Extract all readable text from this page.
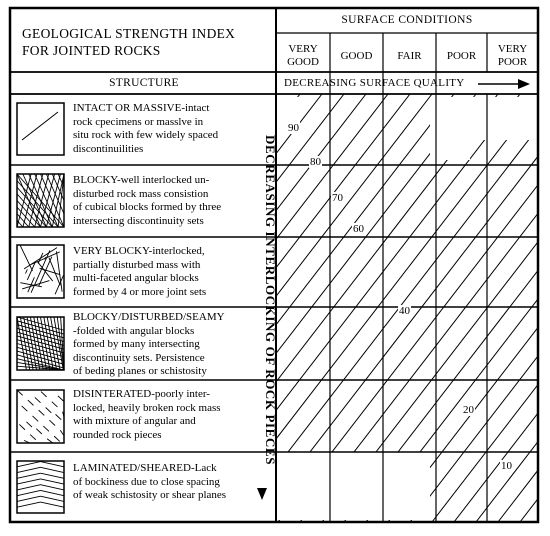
GEOLOGICAL STRENGTH INDEX
FOR JOINTED ROCKS
SURFACE CONDITIONS
VERY
GOOD
GOOD FAIR POOR
VERY
POOR
STRUCTURE	DECREASING SURFACE QUALITY
INTACT OR MASSIVE-intact
rock cpecimens or masslve in
situ rock with few widely spaced
discontinuilities
BLOCKY-well interlocked un-
disturbed rock mass consistion
of cubical blocks formed by three
intersecting discontinuity sets
VERY BLOCKY-interlocked,
partially disturbed mass with
multi-faceted angular blocks
formed by 4 or more joint sets
BLOCKY/DISTURBED/SEAMY
-folded with angular blocks
formed by many intersecting
discontinuity sets. Persistence
of beding planes or schistosity
DISINTERATED-poorly inter-
locked, heavily broken rock mass
with mixture of angular and
rounded rock pieces
LAMINATED/SHEARED-Lack
of bockiness due to close spacing
of weak schistosity or shear planes
DECREASING INTERLOCKING OF ROCK PIECES
90
80
70
60
40
20
10
